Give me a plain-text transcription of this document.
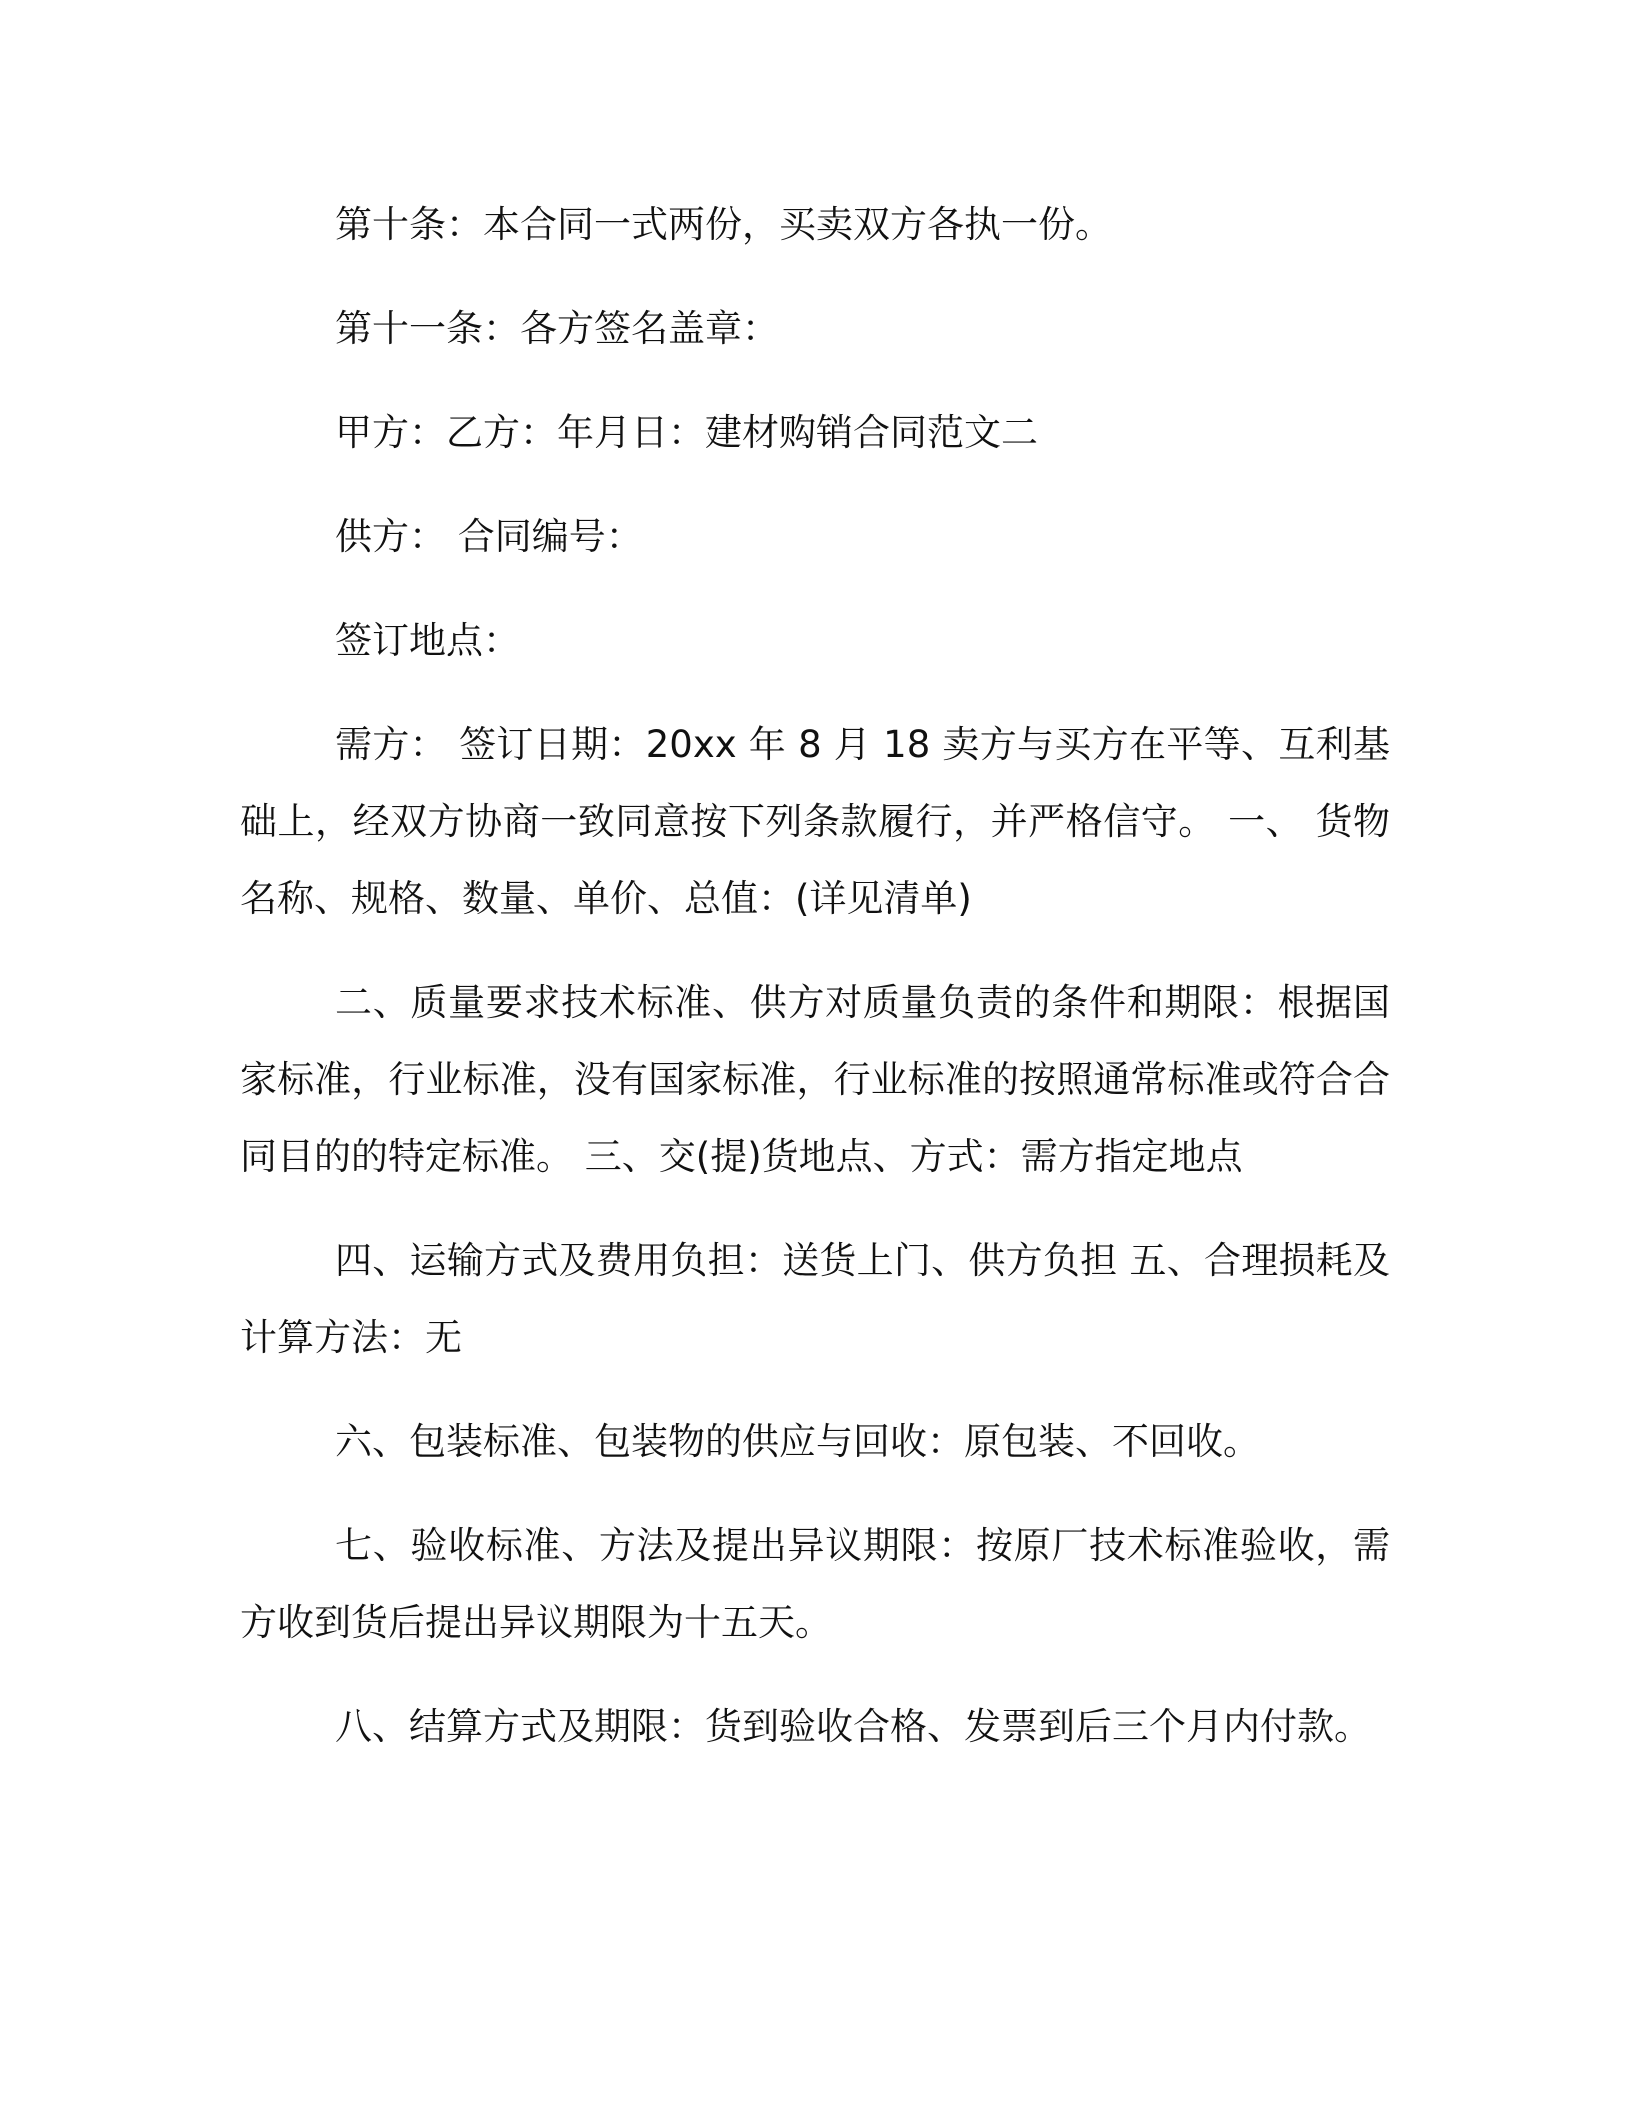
第十条：本合同一式两份，买卖双方各执一份。

第十一条：各方签名盖章：

甲方：乙方：年月日：建材购销合同范文二

供方： 合同编号：

签订地点：

需方： 签订日期：20xx 年 8 月 18 卖方与买方在平等、互利基础上，经双方协商一致同意按下列条款履行，并严格信守。 一、 货物名称、规格、数量、单价、总值：(详见清单)

二、质量要求技术标准、供方对质量负责的条件和期限：根据国家标准，行业标准，没有国家标准，行业标准的按照通常标准或符合合同目的的特定标准。 三、交(提)货地点、方式：需方指定地点

四、运输方式及费用负担：送货上门、供方负担 五、合理损耗及计算方法：无

六、包装标准、包装物的供应与回收：原包装、不回收。

七、验收标准、方法及提出异议期限：按原厂技术标准验收，需方收到货后提出异议期限为十五天。

八、结算方式及期限：货到验收合格、发票到后三个月内付款。
